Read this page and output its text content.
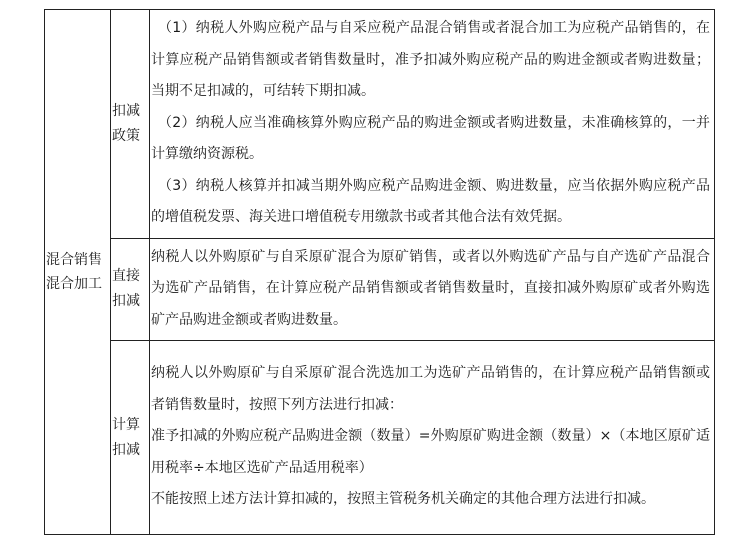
混合销售混合加工	扣减政策	（1）纳税人外购应税产品与自采应税产品混合销售或者混合加工为应税产品销售的，在计算应税产品销售额或者销售数量时，准予扣减外购应税产品的购进金额或者购进数量；当期不足扣减的，可结转下期扣减。

（2）纳税人应当准确核算外购应税产品的购进金额或者购进数量，未准确核算的，一并计算缴纳资源税。

（3）纳税人核算并扣减当期外购应税产品购进金额、购进数量，应当依据外购应税产品的增值税发票、海关进口增值税专用缴款书或者其他合法有效凭据。

	直接扣减	纳税人以外购原矿与自采原矿混合为原矿销售，或者以外购选矿产品与自产选矿产品混合为选矿产品销售，在计算应税产品销售额或者销售数量时，直接扣减外购原矿或者外购选矿产品购进金额或者购进数量。

	计算扣减	纳税人以外购原矿与自采原矿混合洗选加工为选矿产品销售的，在计算应税产品销售额或者销售数量时，按照下列方法进行扣减：

准予扣减的外购应税产品购进金额（数量）=外购原矿购进金额（数量）×（本地区原矿适用税率÷本地区选矿产品适用税率）

不能按照上述方法计算扣减的，按照主管税务机关确定的其他合理方法进行扣减。
